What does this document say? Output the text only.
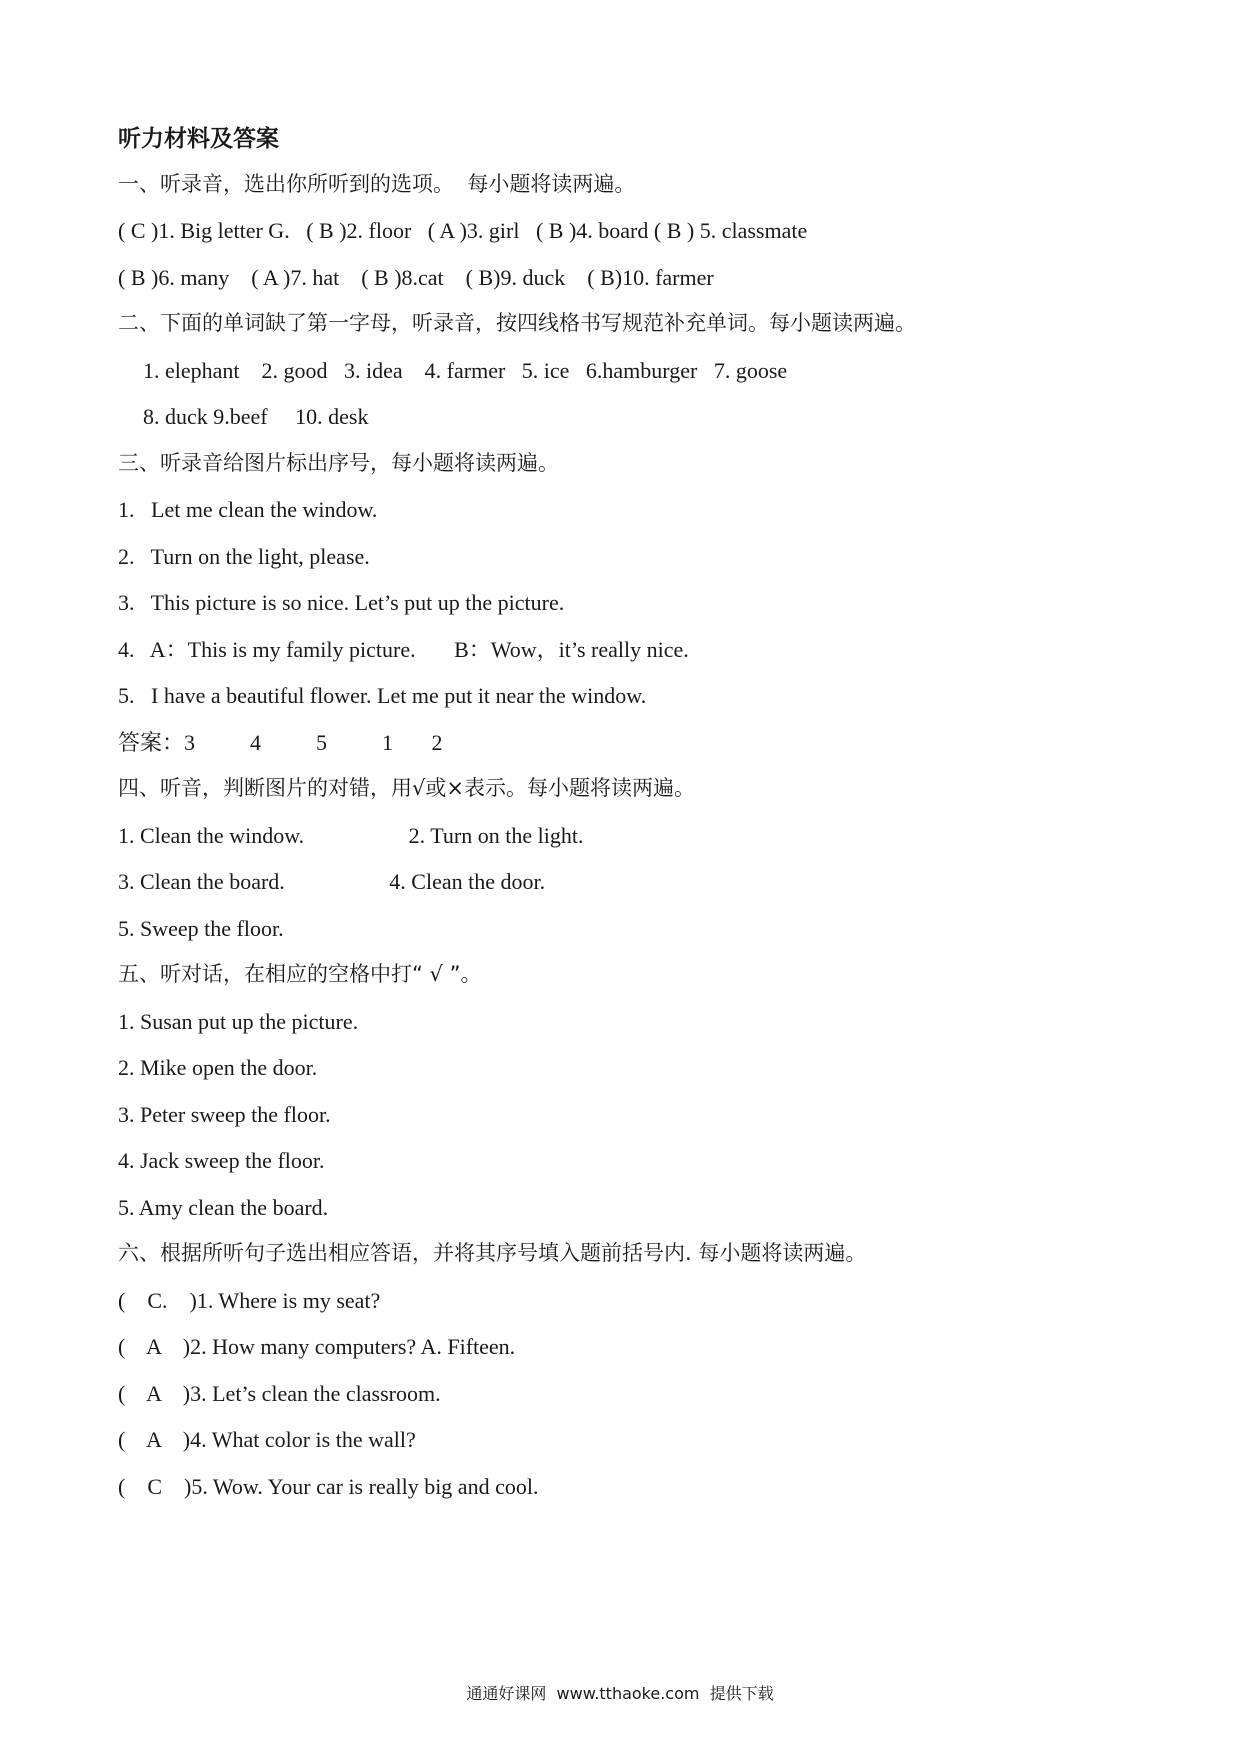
听力材料及答案

一、听录音，选出你所听到的选项。  每小题将读两遍。

( C )1. Big letter G.   ( B )2. floor   ( A )3. girl   ( B )4. board ( B ) 5. classmate

( B )6. many    ( A )7. hat    ( B )8.cat    ( B)9. duck    ( B)10. farmer

二、下面的单词缺了第一字母，听录音，按四线格书写规范补充单词。每小题读两遍。

1. elephant    2. good   3. idea    4. farmer   5. ice   6.hamburger   7. goose

8. duck 9.beef     10. desk

三、听录音给图片标出序号，每小题将读两遍。

1.   Let me clean the window.

2.   Turn on the light, please.

3.   This picture is so nice. Let’s put up the picture.

4.   A：This is my family picture.       B：Wow，it’s really nice.

5.   I have a beautiful flower. Let me put it near the window.

答案：3          4          5          1       2

四、听音，判断图片的对错，用√或×表示。每小题将读两遍。

1. Clean the window.                   2. Turn on the light.

3. Clean the board.                   4. Clean the door.

5. Sweep the floor.

五、听对话，在相应的空格中打“ √ ”。

1. Susan put up the picture.

2. Mike open the door.

3. Peter sweep the floor.

4. Jack sweep the floor.

5. Amy clean the board.

六、根据所听句子选出相应答语，并将其序号填入题前括号内. 每小题将读两遍。

(    C.    )1. Where is my seat?

(    A    )2. How many computers? A. Fifteen.

(    A    )3. Let’s clean the classroom.

(    A    )4. What color is the wall?

(    C    )5. Wow. Your car is really big and cool.

通通好课网  www.tthaoke.com  提供下载
